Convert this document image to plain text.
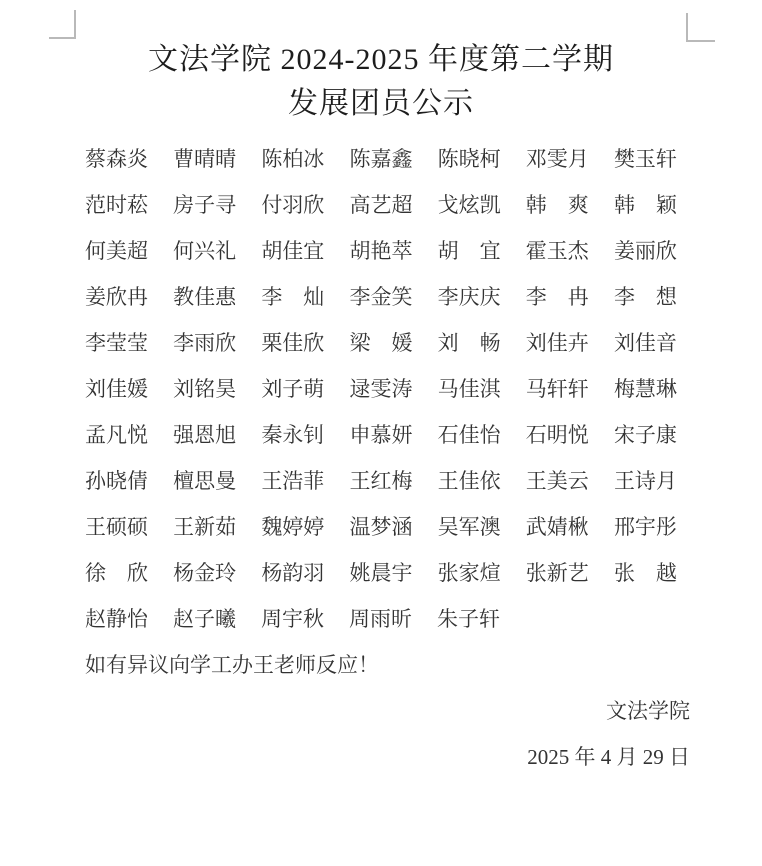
文法学院 2024-2025 年度第二学期
发展团员公示
蔡森炎 曹晴晴 陈柏冰 陈嘉鑫 陈晓柯 邓雯月 樊玉轩
范时菘 房子寻 付羽欣 高艺超 戈炫凯 韩　爽 韩　颖
何美超 何兴礼 胡佳宜 胡艳萃 胡　宜 霍玉杰 姜丽欣
姜欣冉 教佳惠 李　灿 李金笑 李庆庆 李　冉 李　想
李莹莹 李雨欣 栗佳欣 梁　媛 刘　畅 刘佳卉 刘佳音
刘佳媛 刘铭昊 刘子萌 逯雯涛 马佳淇 马轩轩 梅慧琳
孟凡悦 强恩旭 秦永钊 申慕妍 石佳怡 石明悦 宋子康
孙晓倩 檀思曼 王浩菲 王红梅 王佳依 王美云 王诗月
王硕硕 王新茹 魏婷婷 温梦涵 吴军澳 武婧楸 邢宇彤
徐　欣 杨金玲 杨韵羽 姚晨宇 张家煊 张新艺 张　越
赵静怡 赵子曦 周宇秋 周雨昕 朱子轩
如有异议向学工办王老师反应！
文法学院
2025 年 4 月 29 日
